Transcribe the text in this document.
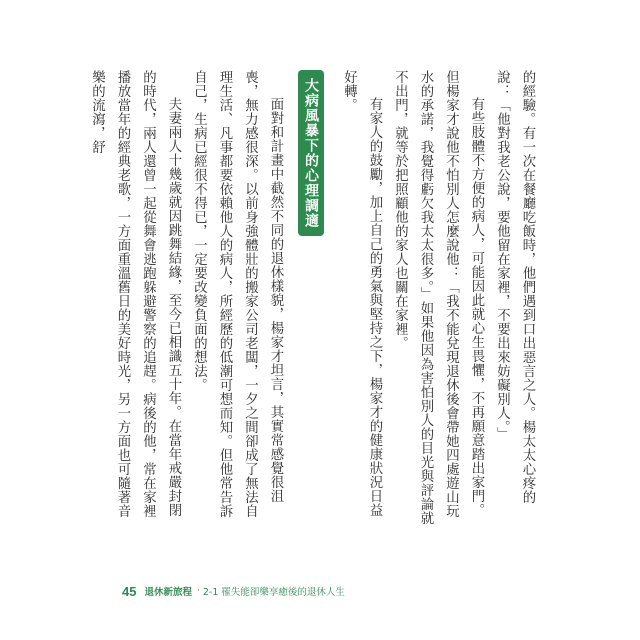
的經驗。有一次在餐廳吃飯時，他們遇到口出惡言之人。楊太太心疼的說：「他對我老公說，要他留在家裡，不要出來妨礙別人。」

有些肢體不方便的病人，可能因此就心生畏懼，不再願意踏出家門。但楊家才說他不怕別人怎麼說他：「我不能兌現退休後會帶她四處遊山玩水的承諾，我覺得虧欠我太太很多。」如果他因為害怕別人的目光與評論就不出門，就等於把照顧他的家人也關在家裡。

有家人的鼓勵，加上自己的勇氣與堅持之下，楊家才的健康狀況日益好轉。

大病風暴下的心理調適

面對和計畫中截然不同的退休樣貌，楊家才坦言，其實常感覺很沮喪，無力感很深。以前身強體壯的搬家公司老闆，一夕之間卻成了無法自理生活、凡事都要依賴他人的病人，所經歷的低潮可想而知。但他常告訴自己，生病已經很不得已，一定要改變負面的想法。

夫妻兩人十幾歲就因跳舞結緣，至今已相識五十年。在當年戒嚴封閉的時代，兩人還曾一起從舞會逃跑躲避警察的追趕。病後的他，常在家裡播放當年的經典老歌，一方面重溫舊日的美好時光，另一方面也可隨著音樂的流瀉，舒

45 退休新旅程 ‧ 2-1 罹失能卻樂享癒後的退休人生
